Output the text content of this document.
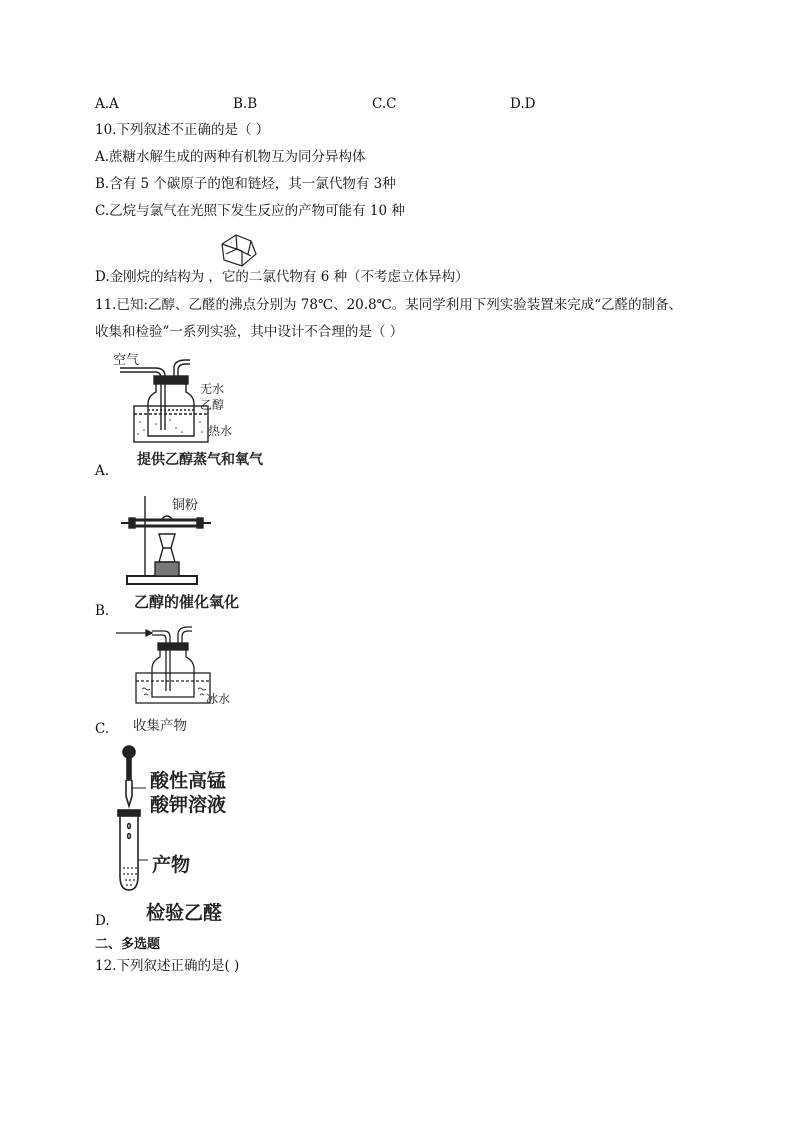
A.A	B.B	C.C	D.D
10.下列叙述不正确的是（ ）
A.蔗糖水解生成的两种有机物互为同分异构体
B.含有 5 个碳原子的饱和链烃，其一氯代物有 3种
C.乙烷与氯气在光照下发生反应的产物可能有 10 种
D.金刚烷的结构为 ，它的二氯代物有 6 种（不考虑立体异构）
11.已知:乙醇、乙醛的沸点分别为 78℃、20.8℃。某同学利用下列实验装置来完成“乙醛的制备、
收集和检验”一系列实验，其中设计不合理的是（ ）
A.
空气
无水
乙醇
热水
提供乙醇蒸气和氧气
B.
铜粉
乙醇的催化氧化
C.
冰水
收集产物
D.
酸性高锰
酸钾溶液
产物
检验乙醛
二、多选题
12.下列叙述正确的是( )
